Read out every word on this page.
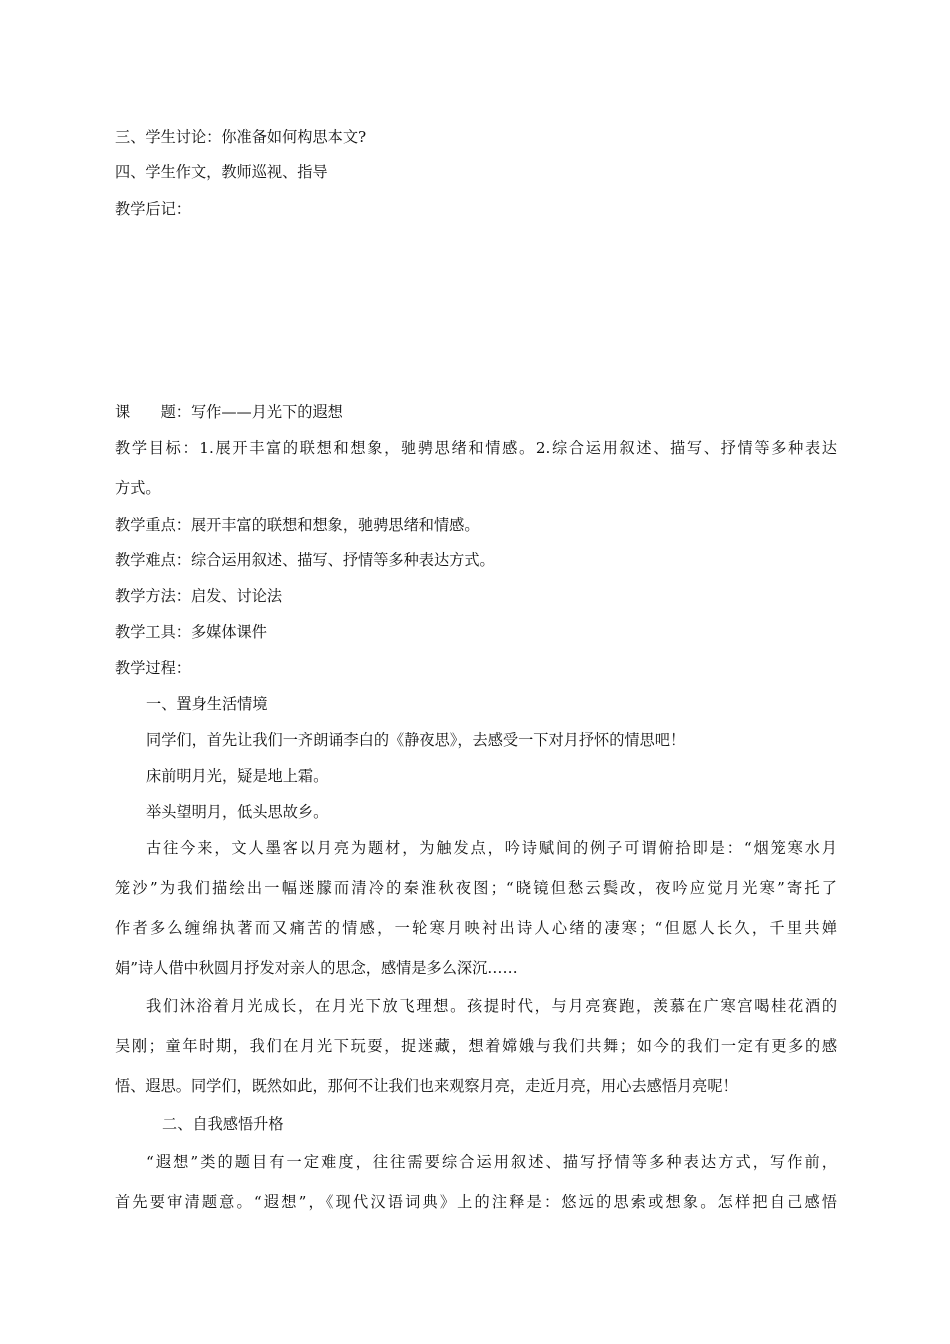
三、学生讨论：你准备如何构思本文?
四、学生作文，教师巡视、指导
教学后记：
课　　题：写作——月光下的遐想
教学目标：1.展开丰富的联想和想象，驰骋思绪和情感。2.综合运用叙述、描写、抒情等多种表达
方式。
教学重点：展开丰富的联想和想象，驰骋思绪和情感。
教学难点：综合运用叙述、描写、抒情等多种表达方式。
教学方法：启发、讨论法
教学工具：多媒体课件
教学过程：
一、置身生活情境
同学们，首先让我们一齐朗诵李白的《静夜思》，去感受一下对月抒怀的情思吧！
床前明月光，疑是地上霜。
举头望明月，低头思故乡。
古往今来，文人墨客以月亮为题材，为触发点，吟诗赋间的例子可谓俯拾即是：“烟笼寒水月
笼沙”为我们描绘出一幅迷朦而清冷的秦淮秋夜图；“晓镜但愁云鬓改，夜吟应觉月光寒”寄托了
作者多么缠绵执著而又痛苦的情感，一轮寒月映衬出诗人心绪的凄寒；“但愿人长久，千里共婵
娟”诗人借中秋圆月抒发对亲人的思念，感情是多么深沉……
我们沐浴着月光成长，在月光下放飞理想。孩提时代，与月亮赛跑，羡慕在广寒宫喝桂花酒的
吴刚；童年时期，我们在月光下玩耍，捉迷藏，想着嫦娥与我们共舞；如今的我们一定有更多的感
悟、遐思。同学们，既然如此，那何不让我们也来观察月亮，走近月亮，用心去感悟月亮呢！
二、自我感悟升格
“遐想”类的题目有一定难度，往往需要综合运用叙述、描写抒情等多种表达方式，写作前，
首先要审清题意。“遐想”，《现代汉语词典》上的注释是：悠远的思索或想象。怎样把自己感悟
